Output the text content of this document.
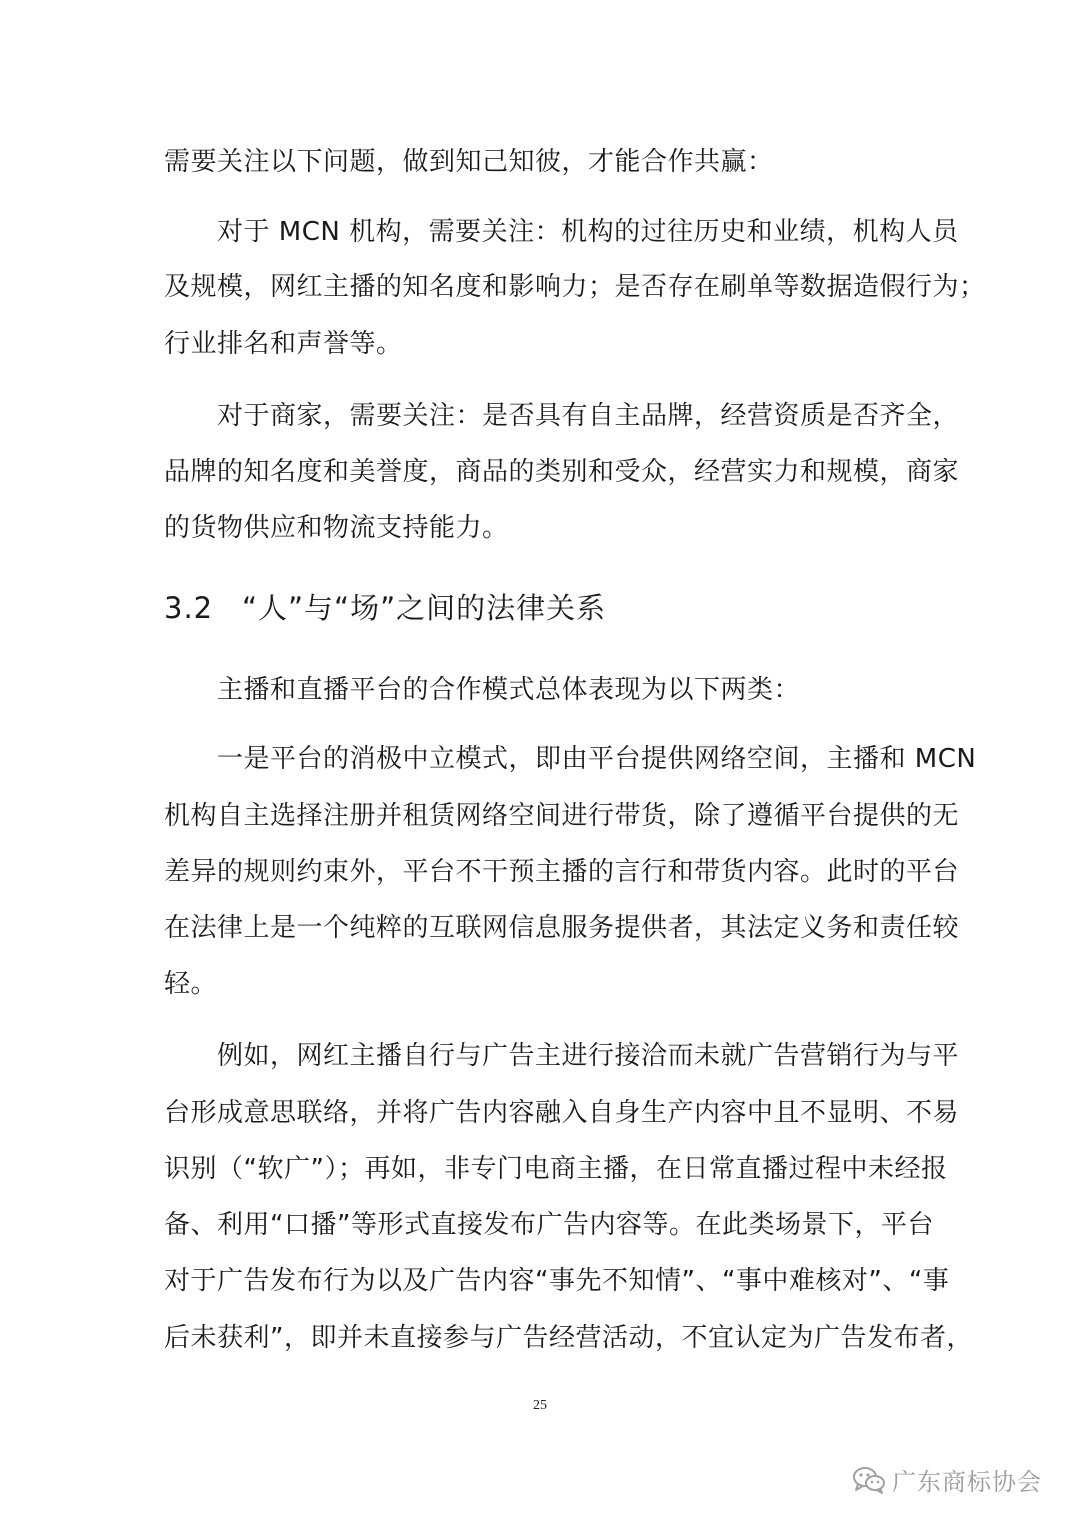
需要关注以下问题，做到知己知彼，才能合作共赢：
对于 MCN 机构，需要关注：机构的过往历史和业绩，机构人员
及规模，网红主播的知名度和影响力；是否存在刷单等数据造假行为；
行业排名和声誉等。
对于商家，需要关注：是否具有自主品牌，经营资质是否齐全，
品牌的知名度和美誉度，商品的类别和受众，经营实力和规模，商家
的货物供应和物流支持能力。
3.2 “人”与“场”之间的法律关系
主播和直播平台的合作模式总体表现为以下两类：
一是平台的消极中立模式，即由平台提供网络空间，主播和 MCN
机构自主选择注册并租赁网络空间进行带货，除了遵循平台提供的无
差异的规则约束外，平台不干预主播的言行和带货内容。此时的平台
在法律上是一个纯粹的互联网信息服务提供者，其法定义务和责任较
轻。
例如，网红主播自行与广告主进行接洽而未就广告营销行为与平
台形成意思联络，并将广告内容融入自身生产内容中且不显明、不易
识别（“软广”）；再如，非专门电商主播，在日常直播过程中未经报
备、利用“口播”等形式直接发布广告内容等。在此类场景下，平台
对于广告发布行为以及广告内容“事先不知情”、“事中难核对”、“事
后未获利”，即并未直接参与广告经营活动，不宜认定为广告发布者，
25
广东商标协会
